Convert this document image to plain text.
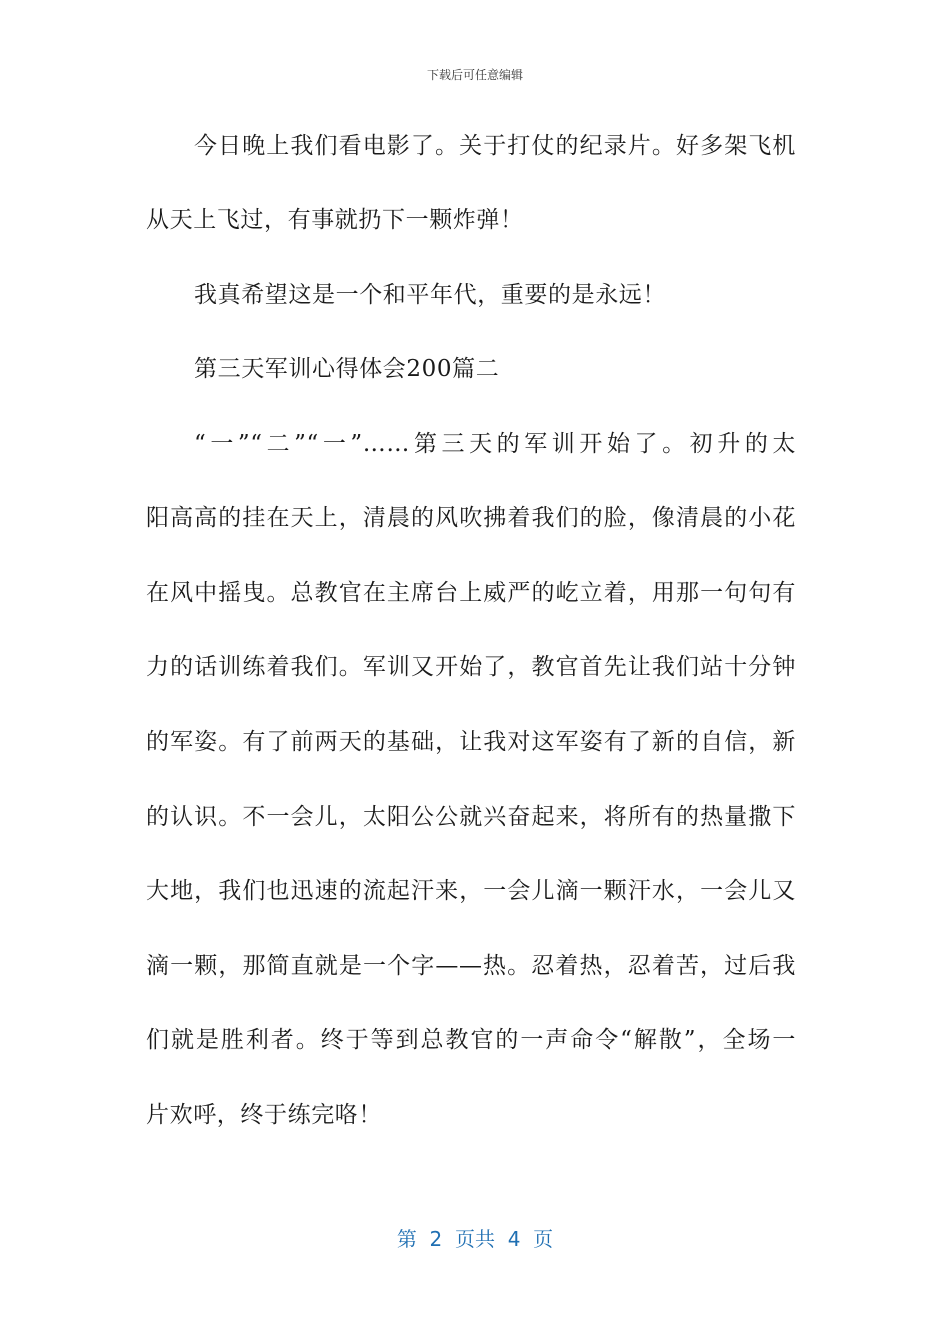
下载后可任意编辑
今日晚上我们看电影了。关于打仗的纪录片。好多架飞机
从天上飞过，有事就扔下一颗炸弹！
我真希望这是一个和平年代，重要的是永远！
第三天军训心得体会200篇二
“一”“二”“一”……第三天的军训开始了。初升的太
阳高高的挂在天上，清晨的风吹拂着我们的脸，像清晨的小花
在风中摇曳。总教官在主席台上威严的屹立着，用那一句句有
力的话训练着我们。军训又开始了，教官首先让我们站十分钟
的军姿。有了前两天的基础，让我对这军姿有了新的自信，新
的认识。不一会儿，太阳公公就兴奋起来，将所有的热量撒下
大地，我们也迅速的流起汗来，一会儿滴一颗汗水，一会儿又
滴一颗，那简直就是一个字——热。忍着热，忍着苦，过后我
们就是胜利者。终于等到总教官的一声命令“解散”，全场一
片欢呼，终于练完咯！
第  2  页共  4  页
